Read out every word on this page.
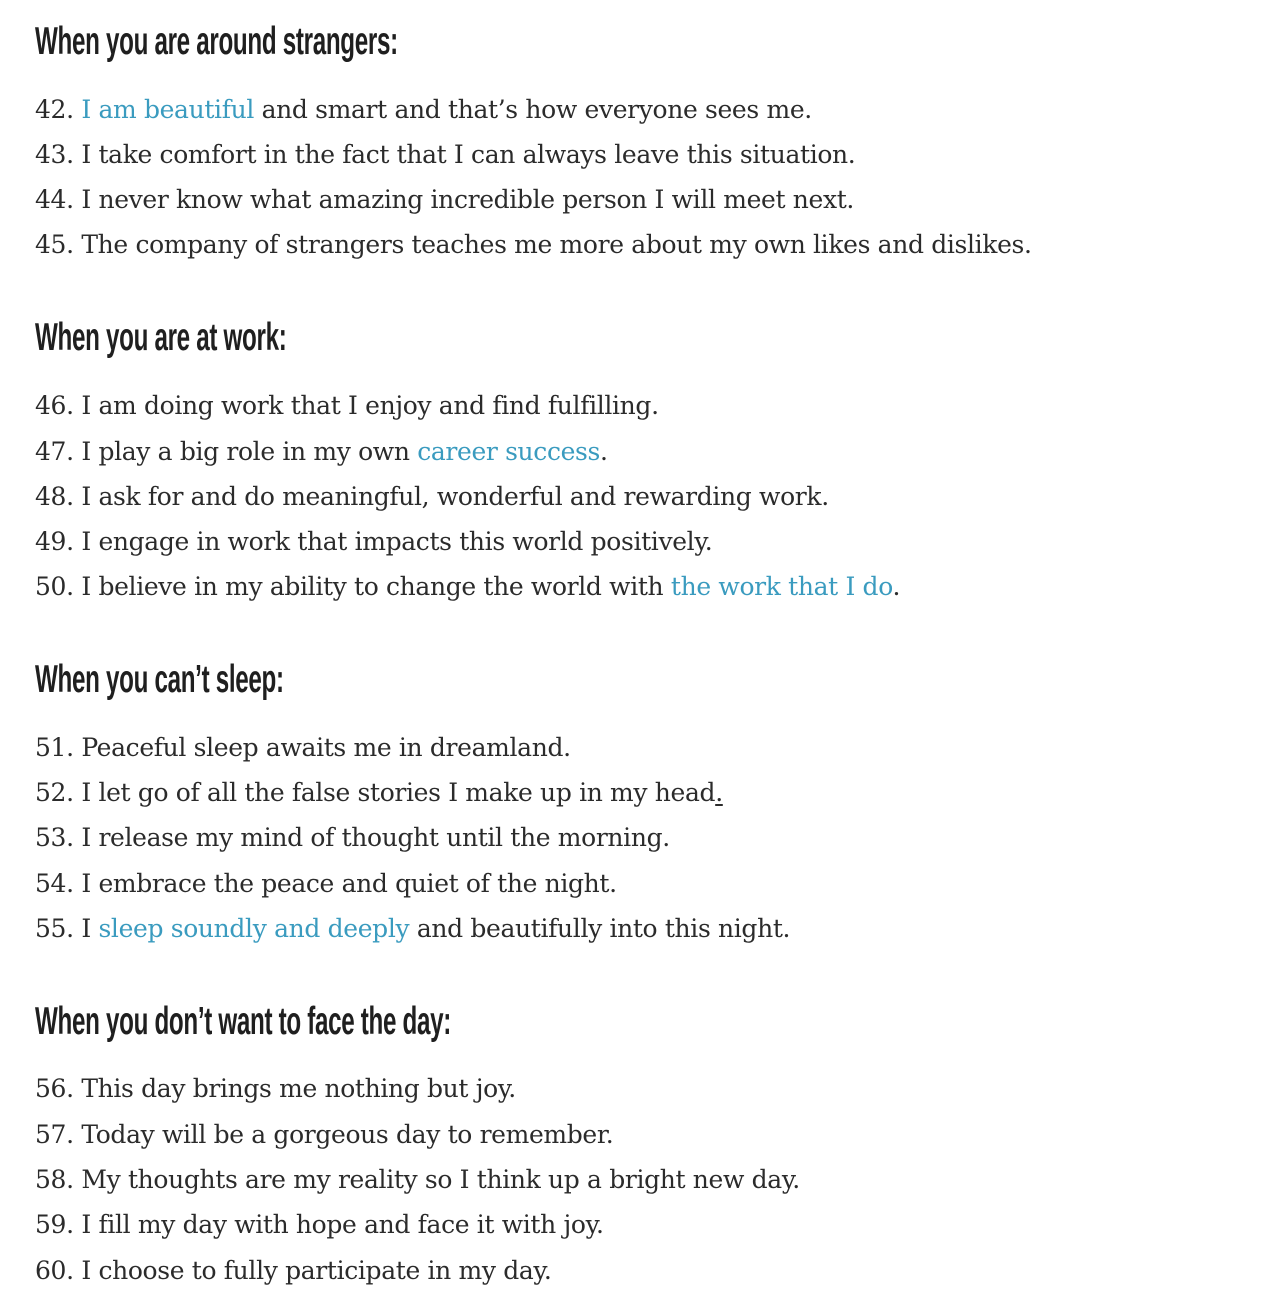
When you are around strangers:

42. I am beautiful and smart and that’s how everyone sees me.

43. I take comfort in the fact that I can always leave this situation.

44. I never know what amazing incredible person I will meet next.

45. The company of strangers teaches me more about my own likes and dislikes.

When you are at work:

46. I am doing work that I enjoy and find fulfilling.

47. I play a big role in my own career success.

48. I ask for and do meaningful, wonderful and rewarding work.

49. I engage in work that impacts this world positively.

50. I believe in my ability to change the world with the work that I do.

When you can’t sleep:

51. Peaceful sleep awaits me in dreamland.

52. I let go of all the false stories I make up in my head.

53. I release my mind of thought until the morning.

54. I embrace the peace and quiet of the night.

55. I sleep soundly and deeply and beautifully into this night.

When you don’t want to face the day:

56. This day brings me nothing but joy.

57. Today will be a gorgeous day to remember.

58. My thoughts are my reality so I think up a bright new day.

59. I fill my day with hope and face it with joy.

60. I choose to fully participate in my day.
